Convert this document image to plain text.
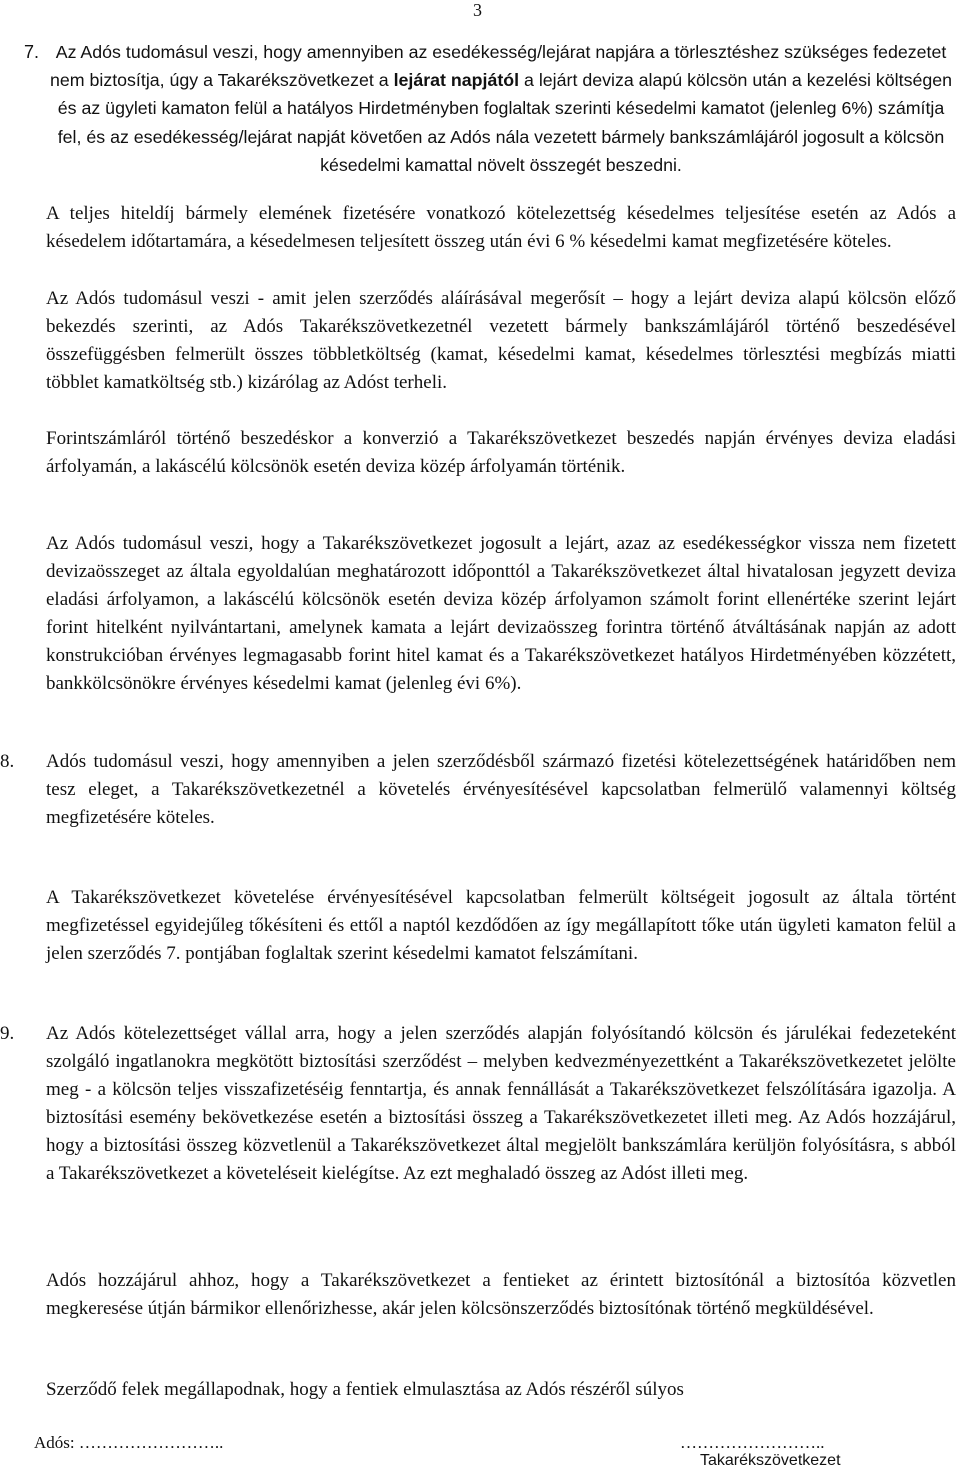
3
7. Az Adós tudomásul veszi, hogy amennyiben az esedékesség/lejárat napjára a törlesztéshez szükséges fedezetet nem biztosítja, úgy a Takarékszövetkezet a lejárat napjától a lejárt deviza alapú kölcsön után a kezelési költségen és az ügyleti kamaton felül a hatályos Hirdetményben foglaltak szerinti késedelmi kamatot (jelenleg 6%) számítja fel, és az esedékesség/lejárat napját követően az Adós nála vezetett bármely bankszámlájáról jogosult a kölcsön késedelmi kamattal növelt összegét beszedni.
A teljes hiteldíj bármely elemének fizetésére vonatkozó kötelezettség késedelmes teljesítése esetén az Adós a késedelem időtartamára, a késedelmesen teljesített összeg után évi 6 % késedelmi kamat megfizetésére köteles.
Az Adós tudomásul veszi - amit jelen szerződés aláírásával megerősít – hogy a lejárt deviza alapú kölcsön előző bekezdés szerinti, az Adós Takarékszövetkezetnél vezetett bármely bankszámlájáról történő beszedésével összefüggésben felmerült összes többletköltség (kamat, késedelmi kamat, késedelmes törlesztési megbízás miatti többlet kamatköltség stb.) kizárólag az Adóst terheli.
Forintszámláról történő beszedéskor a konverzió a Takarékszövetkezet beszedés napján érvényes deviza eladási árfolyamán, a lakáscélú kölcsönök esetén deviza közép árfolyamán történik.
Az Adós tudomásul veszi, hogy a Takarékszövetkezet jogosult a lejárt, azaz az esedékességkor vissza nem fizetett devizaösszeget az általa egyoldalúan meghatározott időponttól a Takarékszövetkezet által hivatalosan jegyzett deviza eladási árfolyamon, a lakáscélú kölcsönök esetén deviza közép árfolyamon számolt forint ellenértéke szerint lejárt forint hitelként nyilvántartani, amelynek kamata a lejárt devizaösszeg forintra történő átváltásának napján az adott konstrukcióban érvényes legmagasabb forint hitel kamat és a Takarékszövetkezet hatályos Hirdetményében közzétett, bankkölcsönökre érvényes késedelmi kamat (jelenleg évi 6%).
8. Adós tudomásul veszi, hogy amennyiben a jelen szerződésből származó fizetési kötelezettségének határidőben nem tesz eleget, a Takarékszövetkezetnél a követelés érvényesítésével kapcsolatban felmerülő valamennyi költség megfizetésére köteles.
A Takarékszövetkezet követelése érvényesítésével kapcsolatban felmerült költségeit jogosult az általa történt megfizetéssel egyidejűleg tőkésíteni és ettől a naptól kezdődően az így megállapított tőke után ügyleti kamaton felül a jelen szerződés 7. pontjában foglaltak szerint késedelmi kamatot felszámítani.
9. Az Adós kötelezettséget vállal arra, hogy a jelen szerződés alapján folyósítandó kölcsön és járulékai fedezeteként szolgáló ingatlanokra megkötött biztosítási szerződést – melyben kedvezményezettként a Takarékszövetkezetet jelölte meg - a kölcsön teljes visszafizetéséig fenntartja, és annak fennállását a Takarékszövetkezet felszólítására igazolja. A biztosítási esemény bekövetkezése esetén a biztosítási összeg a Takarékszövetkezetet illeti meg. Az Adós hozzájárul, hogy a biztosítási összeg közvetlenül a Takarékszövetkezet által megjelölt bankszámlára kerüljön folyósításra, s abból a Takarékszövetkezet a követeléseit kielégítse. Az ezt meghaladó összeg az Adóst illeti meg.
Adós hozzájárul ahhoz, hogy a Takarékszövetkezet a fentieket az érintett biztosítónál a biztosítóa közvetlen megkeresése útján bármikor ellenőrizhesse, akár jelen kölcsönszerződés biztosítónak történő megküldésével.
Szerződő felek megállapodnak, hogy a fentiek elmulasztása az Adós részéről súlyos
Adós: ……………………..	……………………..
Takarékszövetkezet
